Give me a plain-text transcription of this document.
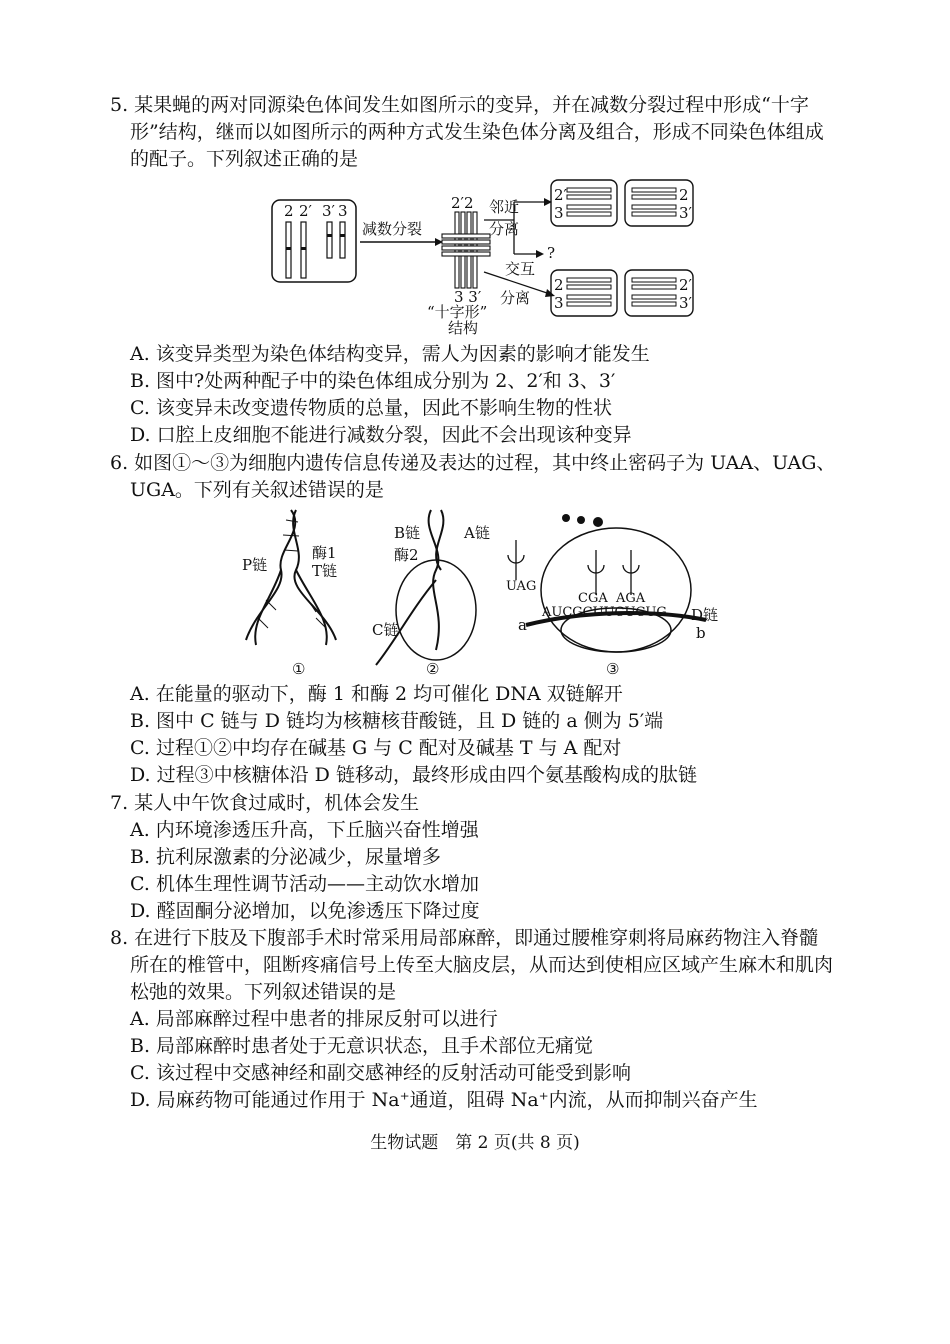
5. 某果蝇的两对同源染色体间发生如图所示的变异，并在减数分裂过程中形成“十字
形”结构，继而以如图所示的两种方式发生染色体分离及组合，形成不同染色体组成
的配子。下列叙述正确的是
2 2′ 3′ 3
减数分裂
2′2
3 3′
“十字形”
结构
邻近
分离
?
交互
分离
2′
3
2
3′
2
3
2′
3′
A. 该变异类型为染色体结构变异，需人为因素的影响才能发生
B. 图中?处两种配子中的染色体组成分别为 2、2′和 3、3′
C. 该变异未改变遗传物质的总量，因此不影响生物的性状
D. 口腔上皮细胞不能进行减数分裂，因此不会出现该种变异
6. 如图①～③为细胞内遗传信息传递及表达的过程，其中终止密码子为 UAA、UAG、
UGA。下列有关叙述错误的是
P链
酶1
T链
①
B链	A链
酶2
C链
②
UAG
CGA AGA
AUCGCUUCUCUG D链
a	b
③
A. 在能量的驱动下，酶 1 和酶 2 均可催化 DNA 双链解开
B. 图中 C 链与 D 链均为核糖核苷酸链，且 D 链的 a 侧为 5′端
C. 过程①②中均存在碱基 G 与 C 配对及碱基 T 与 A 配对
D. 过程③中核糖体沿 D 链移动，最终形成由四个氨基酸构成的肽链
7. 某人中午饮食过咸时，机体会发生
A. 内环境渗透压升高，下丘脑兴奋性增强
B. 抗利尿激素的分泌减少，尿量增多
C. 机体生理性调节活动——主动饮水增加
D. 醛固酮分泌增加，以免渗透压下降过度
8. 在进行下肢及下腹部手术时常采用局部麻醉，即通过腰椎穿刺将局麻药物注入脊髓
所在的椎管中，阻断疼痛信号上传至大脑皮层，从而达到使相应区域产生麻木和肌肉
松弛的效果。下列叙述错误的是
A. 局部麻醉过程中患者的排尿反射可以进行
B. 局部麻醉时患者处于无意识状态，且手术部位无痛觉
C. 该过程中交感神经和副交感神经的反射活动可能受到影响
D. 局麻药物可能通过作用于 Na⁺通道，阻碍 Na⁺内流，从而抑制兴奋产生
生物试题　第 2 页(共 8 页)
